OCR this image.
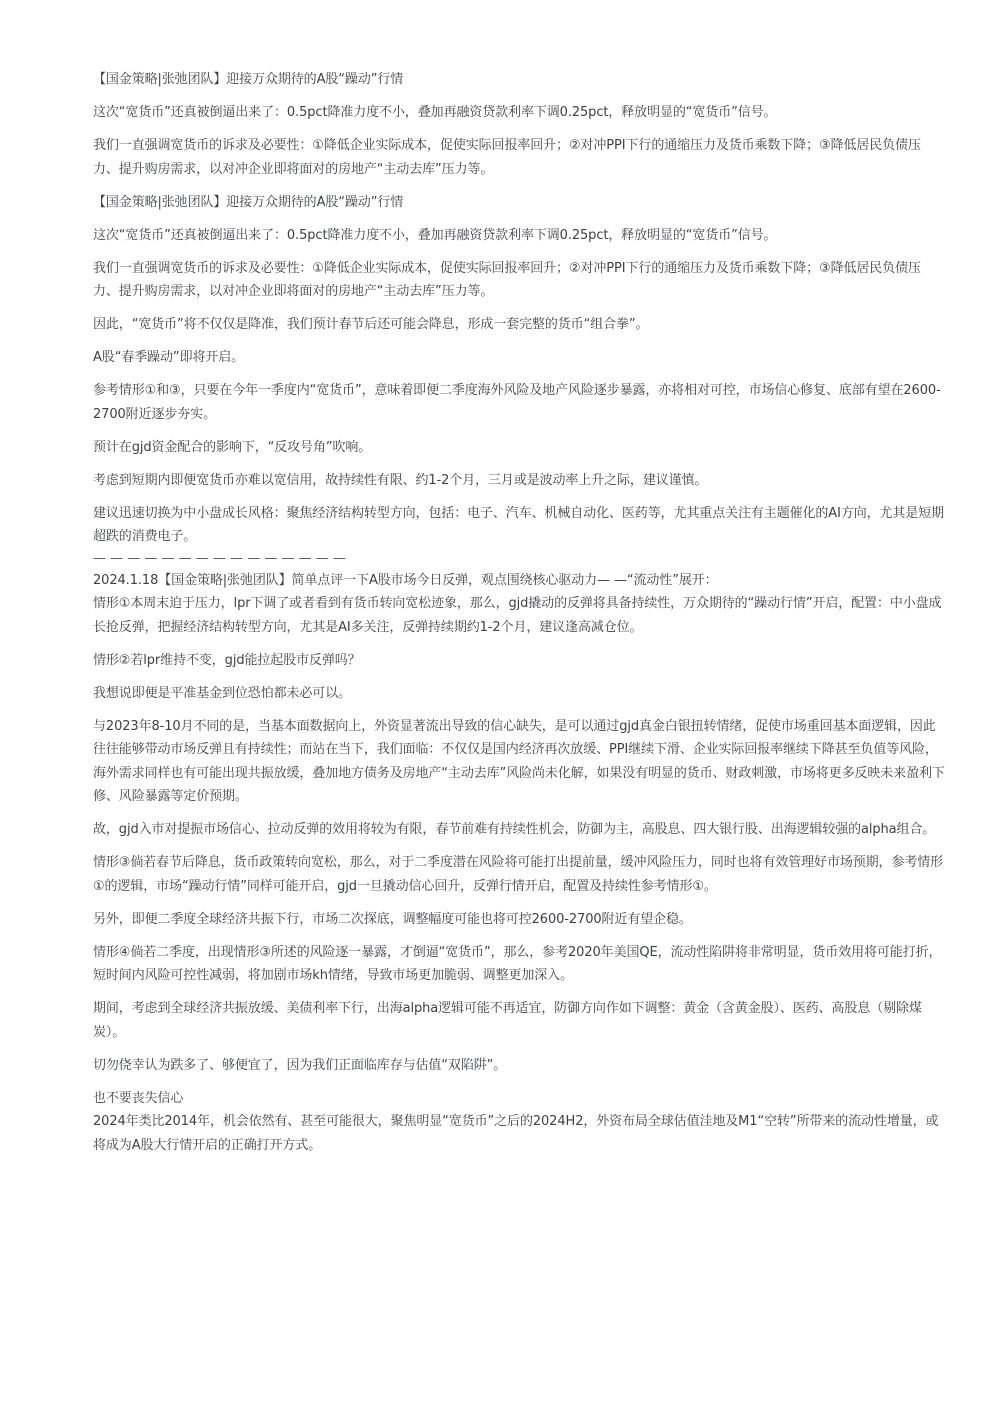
【国金策略|张弛团队】迎接万众期待的A股“躁动”行情

这次“宽货币”还真被倒逼出来了：0.5pct降准力度不小，叠加再融资贷款利率下调0.25pct，释放明显的“宽货币”信号。

我们一直强调宽货币的诉求及必要性：①降低企业实际成本，促使实际回报率回升；②对冲PPI下行的通缩压力及货币乘数下降；③降低居民负债压力、提升购房需求，以对冲企业即将面对的房地产“主动去库”压力等。

【国金策略|张弛团队】迎接万众期待的A股“躁动”行情

这次“宽货币”还真被倒逼出来了：0.5pct降准力度不小，叠加再融资贷款利率下调0.25pct，释放明显的“宽货币”信号。

我们一直强调宽货币的诉求及必要性：①降低企业实际成本，促使实际回报率回升；②对冲PPI下行的通缩压力及货币乘数下降；③降低居民负债压力、提升购房需求，以对冲企业即将面对的房地产“主动去库”压力等。

因此，“宽货币”将不仅仅是降准，我们预计春节后还可能会降息，形成一套完整的货币“组合拳”。

A股“春季躁动”即将开启。

参考情形①和③，只要在今年一季度内“宽货币”，意味着即便二季度海外风险及地产风险逐步暴露，亦将相对可控，市场信心修复、底部有望在2600-2700附近逐步夯实。

预计在gjd资金配合的影响下，“反攻号角”吹响。

考虑到短期内即便宽货币亦难以宽信用，故持续性有限、约1-2个月，三月或是波动率上升之际，建议谨慎。

建议迅速切换为中小盘成长风格：聚焦经济结构转型方向，包括：电子、汽车、机械自动化、医药等，尤其重点关注有主题催化的AI方向，尤其是短期超跌的消费电子。

— — — — — — — — — — — — — — —

2024.1.18【国金策略|张弛团队】简单点评一下A股市场今日反弹，观点围绕核心驱动力— —“流动性”展开：

情形①本周末迫于压力，lpr下调了或者看到有货币转向宽松迹象，那么，gjd撬动的反弹将具备持续性，万众期待的“躁动行情”开启，配置：中小盘成长抢反弹，把握经济结构转型方向，尤其是AI多关注，反弹持续期约1-2个月，建议逢高减仓位。

情形②若lpr维持不变，gjd能拉起股市反弹吗？

我想说即便是平准基金到位恐怕都未必可以。

与2023年8-10月不同的是，当基本面数据向上，外资显著流出导致的信心缺失，是可以通过gjd真金白银扭转情绪，促使市场重回基本面逻辑，因此往往能够带动市场反弹且有持续性；而站在当下，我们面临：不仅仅是国内经济再次放缓、PPI继续下滑、企业实际回报率继续下降甚至负值等风险，海外需求同样也有可能出现共振放缓，叠加地方债务及房地产“主动去库”风险尚未化解，如果没有明显的货币、财政刺激，市场将更多反映未来盈利下修、风险暴露等定价预期。

故，gjd入市对提振市场信心、拉动反弹的效用将较为有限，春节前难有持续性机会，防御为主，高股息、四大银行股、出海逻辑较强的alpha组合。

情形③倘若春节后降息，货币政策转向宽松，那么，对于二季度潜在风险将可能打出提前量，缓冲风险压力，同时也将有效管理好市场预期，参考情形①的逻辑，市场“躁动行情”同样可能开启，gjd一旦撬动信心回升，反弹行情开启，配置及持续性参考情形①。

另外，即便二季度全球经济共振下行，市场二次探底，调整幅度可能也将可控2600-2700附近有望企稳。

情形④倘若二季度，出现情形③所述的风险逐一暴露，才倒逼“宽货币”，那么，参考2020年美国QE，流动性陷阱将非常明显，货币效用将可能打折，短时间内风险可控性减弱，将加剧市场kh情绪，导致市场更加脆弱、调整更加深入。

期间，考虑到全球经济共振放缓、美债利率下行，出海alpha逻辑可能不再适宜，防御方向作如下调整：黄金（含黄金股）、医药、高股息（剔除煤炭）。

切勿侥幸认为跌多了、够便宜了，因为我们正面临库存与估值“双陷阱”。

也不要丧失信心

2024年类比2014年，机会依然有、甚至可能很大，聚焦明显“宽货币”之后的2024H2，外资布局全球估值洼地及M1“空转”所带来的流动性增量，或将成为A股大行情开启的正确打开方式。
